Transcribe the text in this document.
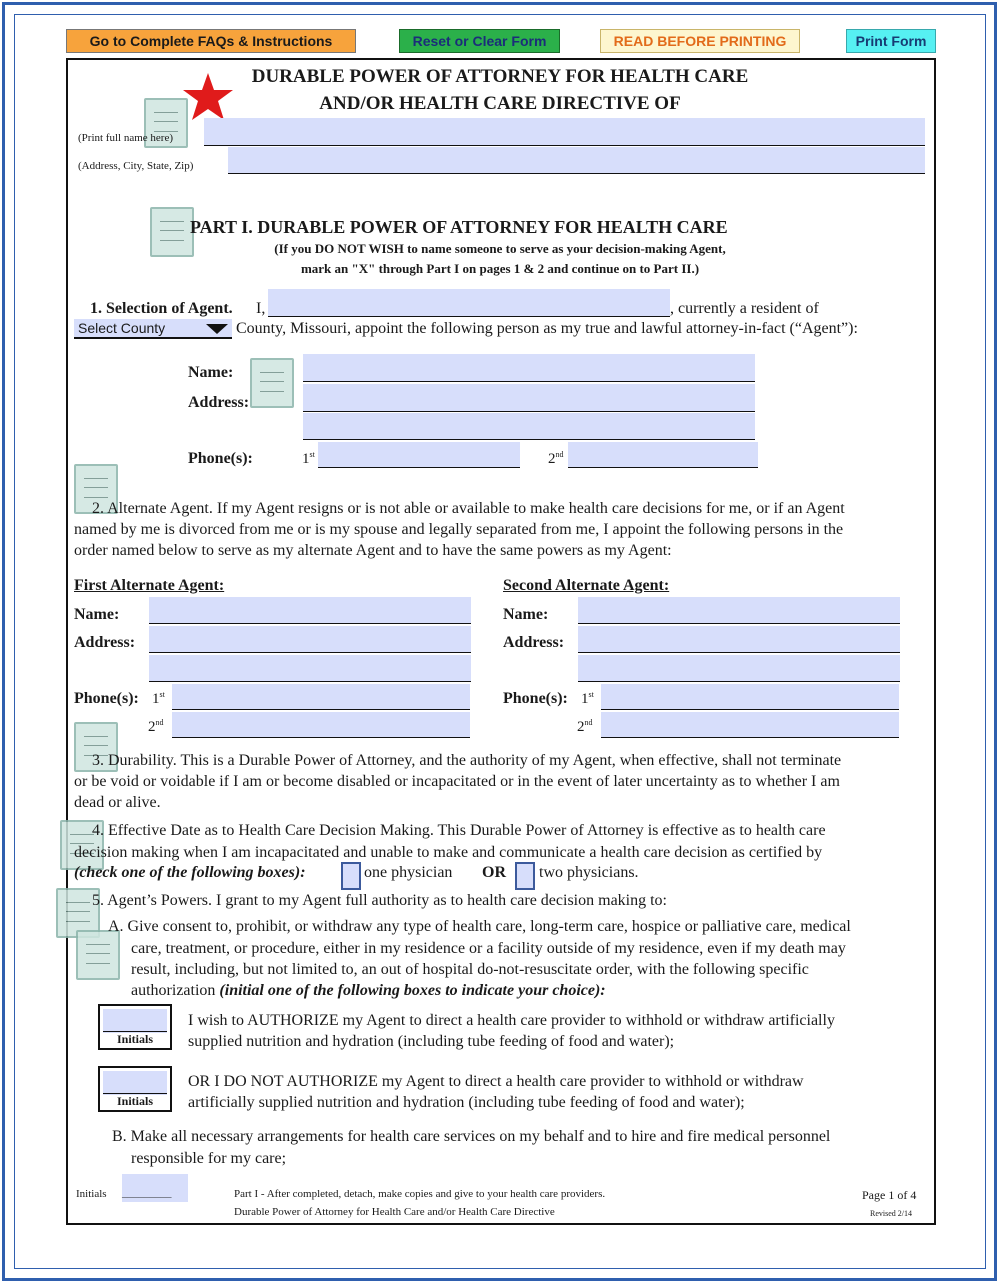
Go to Complete FAQs & Instructions	Reset or Clear Form	READ BEFORE PRINTING	Print Form
DURABLE POWER OF ATTORNEY FOR HEALTH CARE
AND/OR HEALTH CARE DIRECTIVE OF
(Print full name here)
(Address, City, State, Zip)
PART I. DURABLE POWER OF ATTORNEY FOR HEALTH CARE
(If you DO NOT WISH to name someone to serve as your decision-making Agent,
mark an "X" through Part I on pages 1 & 2 and continue on to Part II.)
1. Selection of Agent. I,	, currently a resident of
Select County	County, Missouri, appoint the following person as my true and lawful attorney-in-fact (“Agent”):
Name:
Address:
Phone(s):	1st	2nd
2. Alternate Agent. If my Agent resigns or is not able or available to make health care decisions for me, or if an Agent
named by me is divorced from me or is my spouse and legally separated from me, I appoint the following persons in the
order named below to serve as my alternate Agent and to have the same powers as my Agent:
First Alternate Agent:
Name:
Address:
Phone(s): 1st
2nd
Second Alternate Agent:
Name:
Address:
Phone(s): 1st
2nd
3. Durability. This is a Durable Power of Attorney, and the authority of my Agent, when effective, shall not terminate
or be void or voidable if I am or become disabled or incapacitated or in the event of later uncertainty as to whether I am
dead or alive.
4. Effective Date as to Health Care Decision Making. This Durable Power of Attorney is effective as to health care
decision making when I am incapacitated and unable to make and communicate a health care decision as certified by
(check one of the following boxes):	one physician OR two physicians.
5. Agent’s Powers. I grant to my Agent full authority as to health care decision making to:
A. Give consent to, prohibit, or withdraw any type of health care, long-term care, hospice or palliative care, medical
care, treatment, or procedure, either in my residence or a facility outside of my residence, even if my death may
result, including, but not limited to, an out of hospital do-not-resuscitate order, with the following specific
authorization (initial one of the following boxes to indicate your choice):
Initials
I wish to AUTHORIZE my Agent to direct a health care provider to withhold or withdraw artificially
supplied nutrition and hydration (including tube feeding of food and water);
Initials
OR I DO NOT AUTHORIZE my Agent to direct a health care provider to withhold or withdraw
artificially supplied nutrition and hydration (including tube feeding of food and water);
B. Make all necessary arrangements for health care services on my behalf and to hire and fire medical personnel
responsible for my care;
Initials _________	Part I - After completed, detach, make copies and give to your health care providers.
Durable Power of Attorney for Health Care and/or Health Care Directive
Page 1 of 4
Revised 2/14
